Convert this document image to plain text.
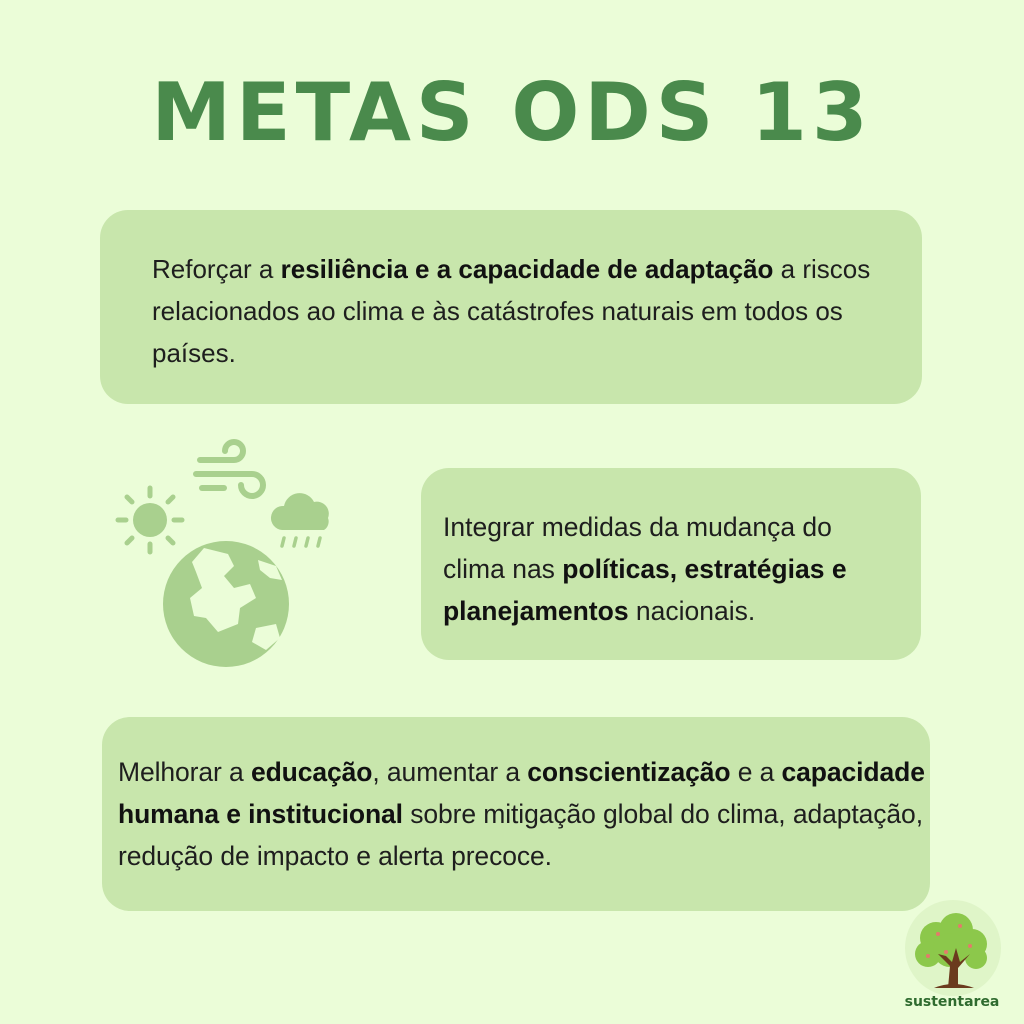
METAS ODS 13
Reforçar a resiliência e a capacidade de adaptação a riscos relacionados ao clima e às catástrofes naturais em todos os países.
Integrar medidas da mudança do clima nas políticas, estratégias e planejamentos nacionais.
Melhorar a educação, aumentar a conscientização e a capacidade humana e institucional sobre mitigação global do clima, adaptação, redução de impacto e alerta precoce.
sustentarea
